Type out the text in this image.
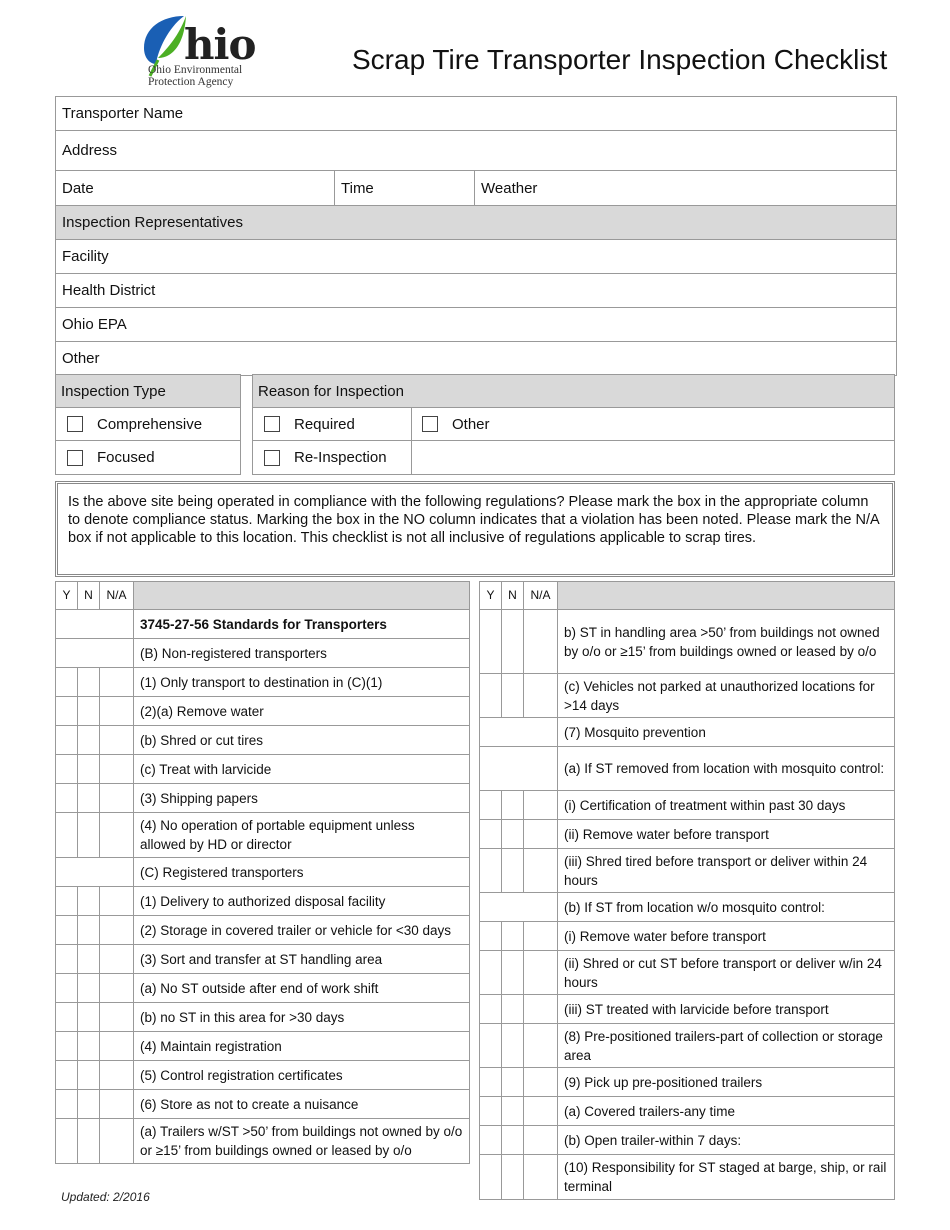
hio
Ohio Environmental
Protection Agency
Scrap Tire Transporter Inspection Checklist
Transporter Name
Address
Date	Time	Weather
Inspection Representatives
Facility
Health District
Ohio EPA
Other
Inspection Type
Comprehensive
Focused
Reason for Inspection
Required	Other
Re-Inspection
Is the above site being operated in compliance with the following regulations? Please mark the box in the appropriate column to denote compliance status. Marking the box in the NO column indicates that a violation has been noted. Please mark the N/A box if not applicable to this location. This checklist is not all inclusive of regulations applicable to scrap tires.
Y	N	N/A
3745-27-56 Standards for Transporters
(B) Non-registered transporters
(1) Only transport to destination in (C)(1)
(2)(a) Remove water
(b) Shred or cut tires
(c) Treat with larvicide
(3) Shipping papers
(4) No operation of portable equipment unless allowed by HD or director
(C) Registered transporters
(1) Delivery to authorized disposal facility
(2) Storage in covered trailer or vehicle for <30 days
(3) Sort and transfer at ST handling area
(a) No ST outside after end of work shift
(b) no ST in this area for >30 days
(4) Maintain registration
(5) Control registration certificates
(6) Store as not to create a nuisance
(a) Trailers w/ST >50’ from buildings not owned by o/o or ≥15’ from buildings owned or leased by o/o
Y	N	N/A
b) ST in handling area >50’ from buildings not owned by o/o or ≥15’ from buildings owned or leased by o/o
(c) Vehicles not parked at unauthorized locations for >14 days
(7) Mosquito prevention
(a) If ST removed from location with mosquito control:
(i) Certification of treatment within past 30 days
(ii) Remove water before transport
(iii) Shred tired before transport or deliver within 24 hours
(b) If ST from location w/o mosquito control:
(i) Remove water before transport
(ii) Shred or cut ST before transport or deliver w/in 24 hours
(iii) ST treated with larvicide before transport
(8) Pre-positioned trailers-part of collection or storage area
(9) Pick up pre-positioned trailers
(a) Covered trailers-any time
(b) Open trailer-within 7 days:
(10) Responsibility for ST staged at barge, ship, or rail terminal
Updated: 2/2016
